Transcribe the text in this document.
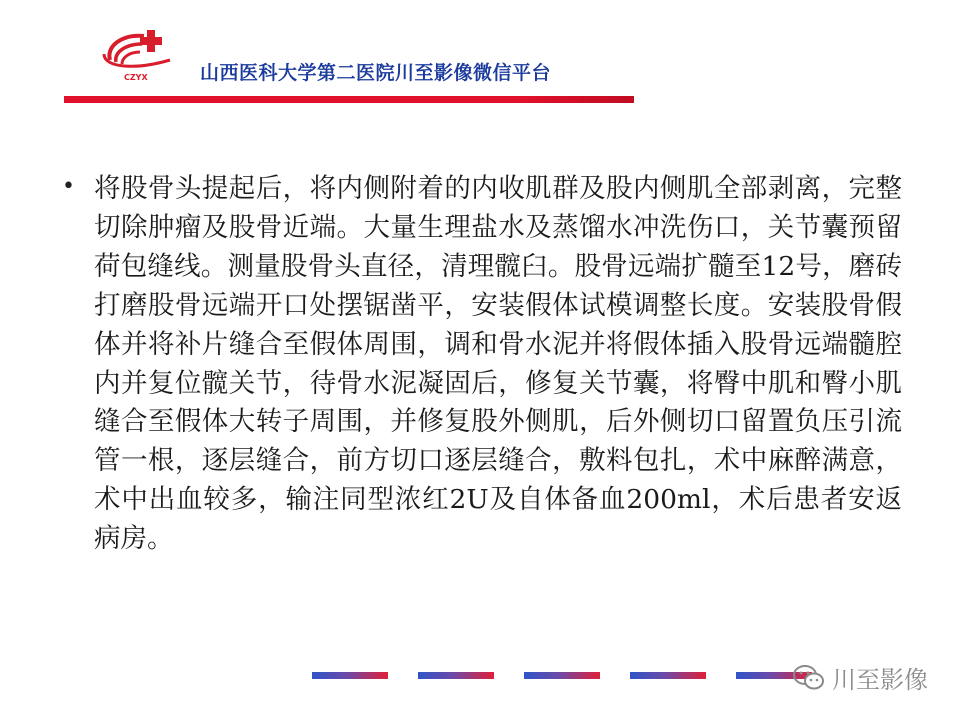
CZYX	山西医科大学第二医院川至影像微信平台
• 将股骨头提起后，将内侧附着的内收肌群及股内侧肌全部剥离，完整切除肿瘤及股骨近端。大量生理盐水及蒸馏水冲洗伤口，关节囊预留荷包缝线。测量股骨头直径，清理髋臼。股骨远端扩髓至12号，磨砖打磨股骨远端开口处摆锯凿平，安装假体试模调整长度。安装股骨假体并将补片缝合至假体周围，调和骨水泥并将假体插入股骨远端髓腔内并复位髋关节，待骨水泥凝固后，修复关节囊，将臀中肌和臀小肌缝合至假体大转子周围，并修复股外侧肌，后外侧切口留置负压引流管一根，逐层缝合，前方切口逐层缝合，敷料包扎，术中麻醉满意，术中出血较多，输注同型浓红2U及自体备血200ml，术后患者安返病房。
川至影像
